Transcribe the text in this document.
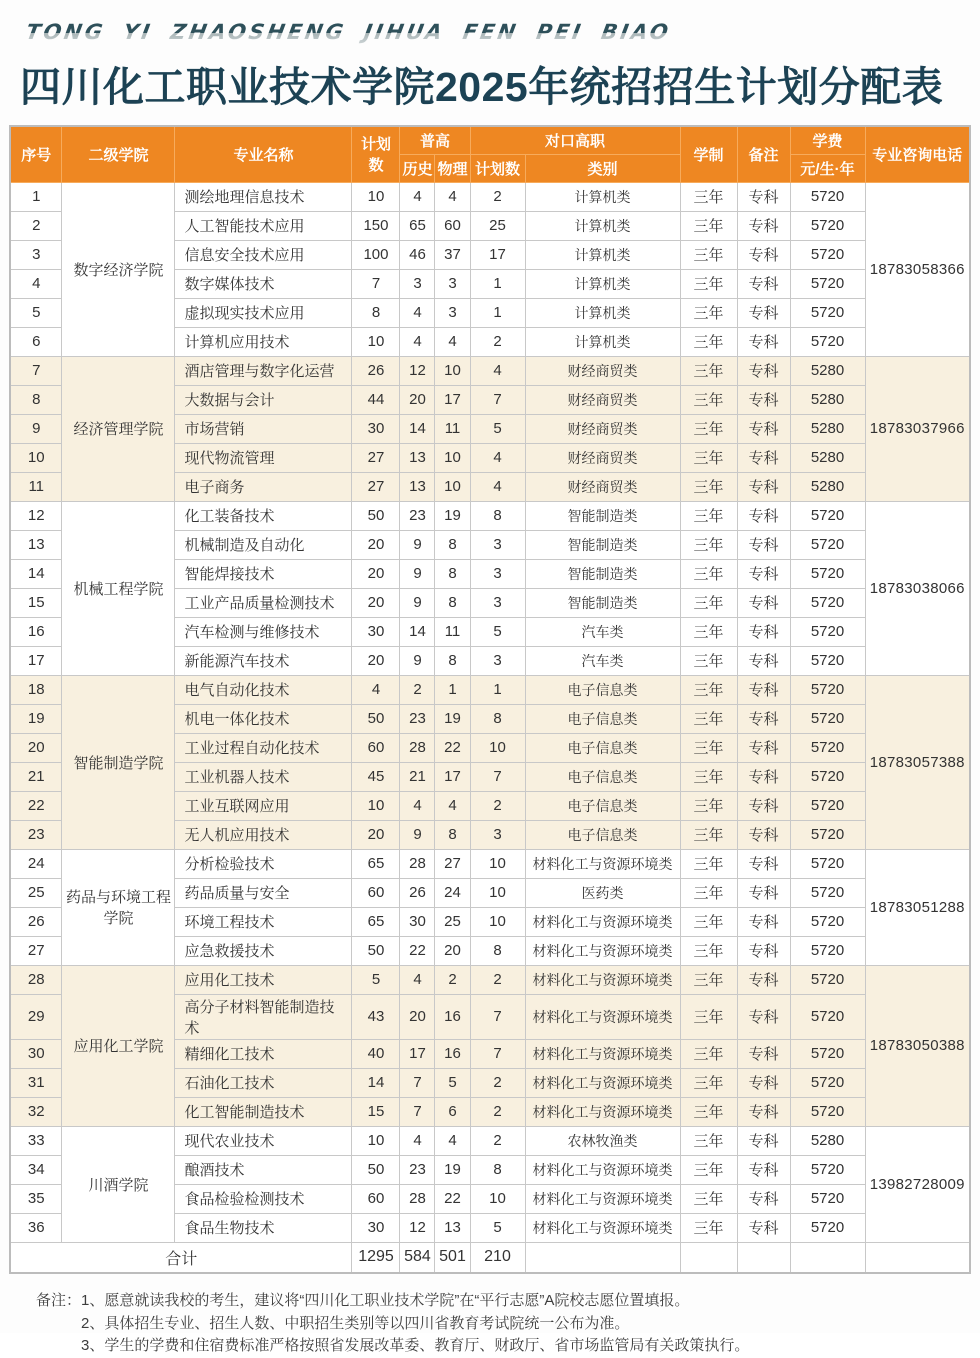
TONG YI ZHAOSHENG JIHUA FEN PEI BIAO
四川化工职业技术学院2025年统招招生计划分配表
序号	二级学院	专业名称	计划数	普高		对口高职		学制	备注	学费	专业咨询电话
				历史	物理	计划数	类别			元/生·年	
1	数字经济学院	测绘地理信息技术	10	4	4	2	计算机类	三年	专科	5720	18783058366
2		人工智能技术应用	150	65	60	25	计算机类	三年	专科	5720	
3		信息安全技术应用	100	46	37	17	计算机类	三年	专科	5720	
4		数字媒体技术	7	3	3	1	计算机类	三年	专科	5720	
5		虚拟现实技术应用	8	4	3	1	计算机类	三年	专科	5720	
6		计算机应用技术	10	4	4	2	计算机类	三年	专科	5720	
7	经济管理学院	酒店管理与数字化运营	26	12	10	4	财经商贸类	三年	专科	5280	18783037966
8		大数据与会计	44	20	17	7	财经商贸类	三年	专科	5280	
9		市场营销	30	14	11	5	财经商贸类	三年	专科	5280	
10		现代物流管理	27	13	10	4	财经商贸类	三年	专科	5280	
11		电子商务	27	13	10	4	财经商贸类	三年	专科	5280	
12	机械工程学院	化工装备技术	50	23	19	8	智能制造类	三年	专科	5720	18783038066
13		机械制造及自动化	20	9	8	3	智能制造类	三年	专科	5720	
14		智能焊接技术	20	9	8	3	智能制造类	三年	专科	5720	
15		工业产品质量检测技术	20	9	8	3	智能制造类	三年	专科	5720	
16		汽车检测与维修技术	30	14	11	5	汽车类	三年	专科	5720	
17		新能源汽车技术	20	9	8	3	汽车类	三年	专科	5720	
18	智能制造学院	电气自动化技术	4	2	1	1	电子信息类	三年	专科	5720	18783057388
19		机电一体化技术	50	23	19	8	电子信息类	三年	专科	5720	
20		工业过程自动化技术	60	28	22	10	电子信息类	三年	专科	5720	
21		工业机器人技术	45	21	17	7	电子信息类	三年	专科	5720	
22		工业互联网应用	10	4	4	2	电子信息类	三年	专科	5720	
23		无人机应用技术	20	9	8	3	电子信息类	三年	专科	5720	
24	药品与环境工程学院	分析检验技术	65	28	27	10	材料化工与资源环境类	三年	专科	5720	18783051288
25		药品质量与安全	60	26	24	10	医药类	三年	专科	5720	
26		环境工程技术	65	30	25	10	材料化工与资源环境类	三年	专科	5720	
27		应急救援技术	50	22	20	8	材料化工与资源环境类	三年	专科	5720	
28	应用化工学院	应用化工技术	5	4	2	2	材料化工与资源环境类	三年	专科	5720	18783050388
29		高分子材料智能制造技术	43	20	16	7	材料化工与资源环境类	三年	专科	5720	
30		精细化工技术	40	17	16	7	材料化工与资源环境类	三年	专科	5720	
31		石油化工技术	14	7	5	2	材料化工与资源环境类	三年	专科	5720	
32		化工智能制造技术	15	7	6	2	材料化工与资源环境类	三年	专科	5720	
33	川酒学院	现代农业技术	10	4	4	2	农林牧渔类	三年	专科	5280	13982728009
34		酿酒技术	50	23	19	8	材料化工与资源环境类	三年	专科	5720	
35		食品检验检测技术	60	28	22	10	材料化工与资源环境类	三年	专科	5720	
36		食品生物技术	30	12	13	5	材料化工与资源环境类	三年	专科	5720	
合计			1295	584	501	210					
备注： 1、愿意就读我校的考生，建议将“四川化工职业技术学院”在“平行志愿”A院校志愿位置填报。
2、具体招生专业、招生人数、中职招生类别等以四川省教育考试院统一公布为准。
3、学生的学费和住宿费标准严格按照省发展改革委、教育厅、财政厅、省市场监管局有关政策执行。
